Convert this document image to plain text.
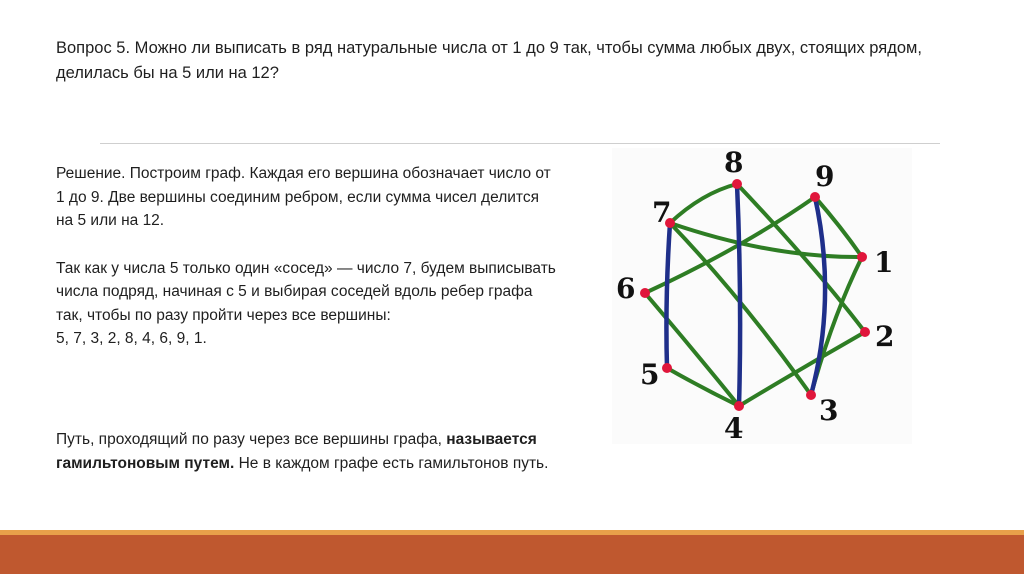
Вопрос 5. Можно ли выписать в ряд натуральные числа от 1 до 9 так, чтобы сумма любых двух, стоящих рядом, делилась бы на 5 или на 12?

Решение. Построим граф. Каждая его вершина обозначает число от 1 до 9. Две вершины соединим ребром, если сумма чисел делится на 5 или на 12.

Так как у числа 5 только один «сосед» — число 7, будем выписывать числа подряд, начиная с 5 и выбирая соседей вдоль ребер графа так, чтобы по разу пройти через все вершины:

5, 7, 3, 2, 8, 4, 6, 9, 1.

8	9
7
1
6
2
5
3
4
Путь, проходящий по разу через все вершины графа, называется гамильтоновым путем. Не в каждом графе есть гамильтонов путь.
